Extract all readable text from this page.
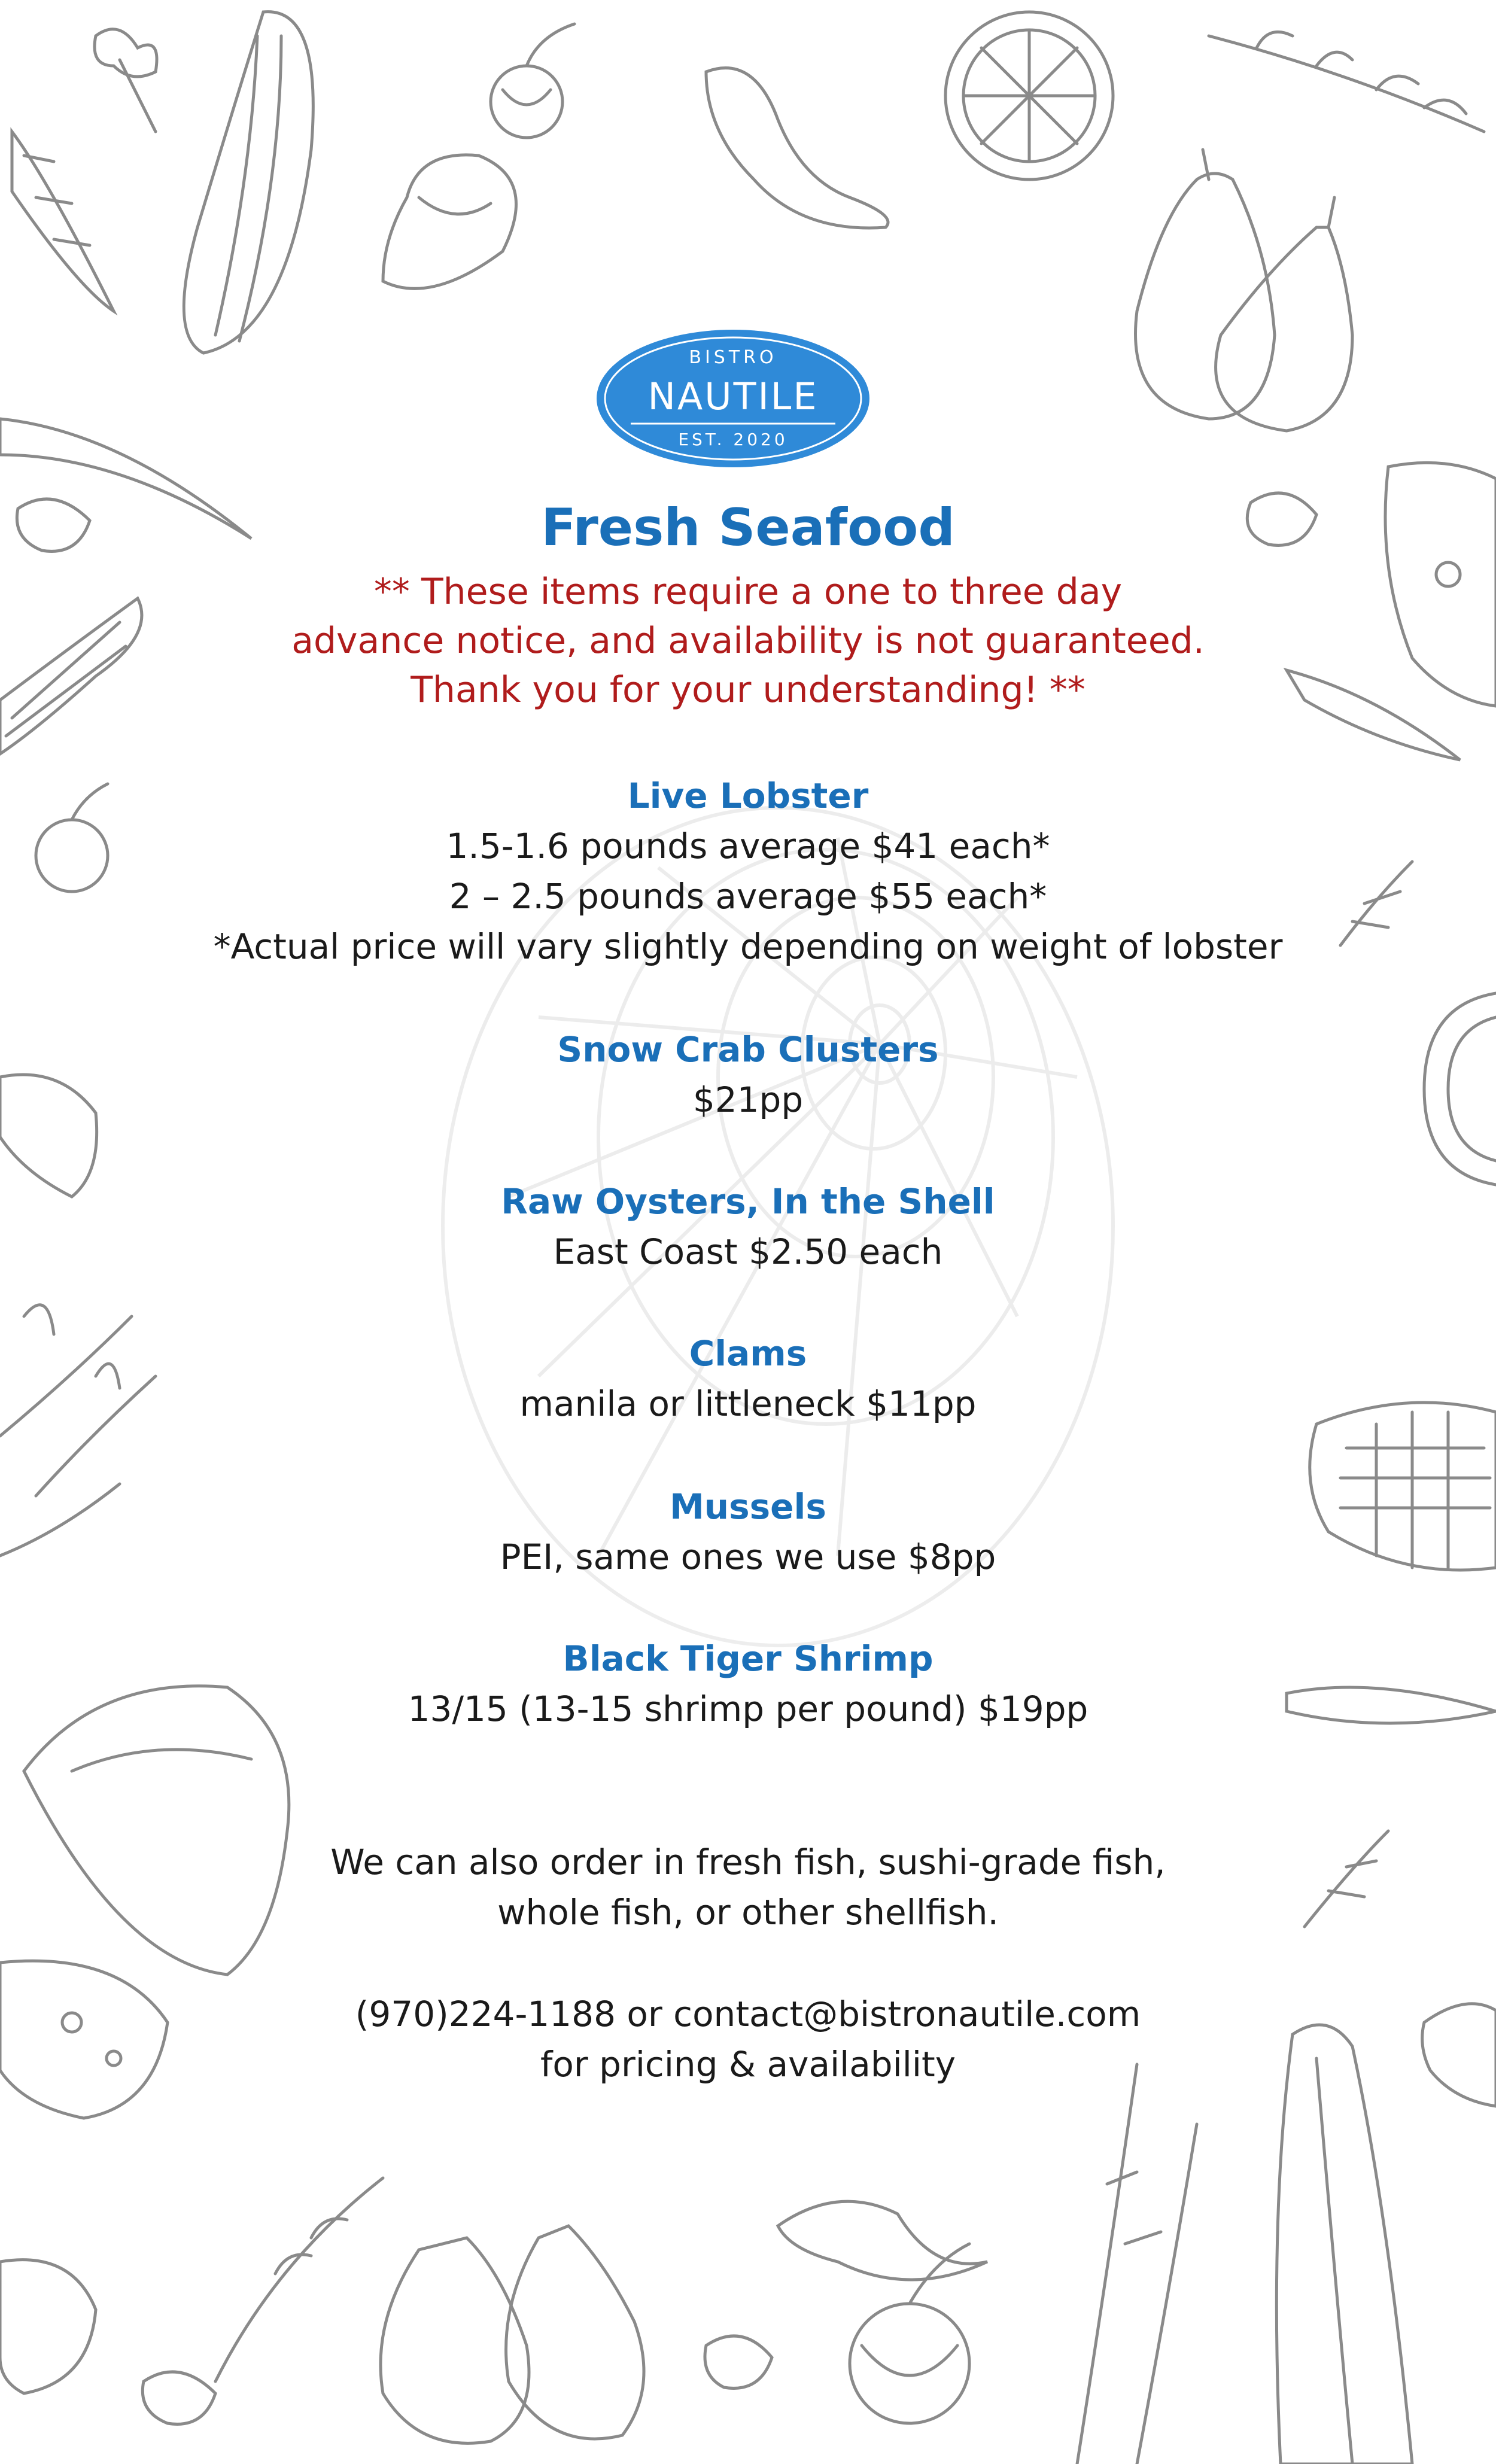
BISTRO
NAUTILE
EST. 2020
Fresh Seafood
** These items require a one to three day
advance notice, and availability is not guaranteed.
Thank you for your understanding! **
Live Lobster
1.5-1.6 pounds average $41 each*
2 – 2.5 pounds average $55 each*
*Actual price will vary slightly depending on weight of lobster
Snow Crab Clusters
$21pp
Raw Oysters, In the Shell
East Coast $2.50 each
Clams
manila or littleneck $11pp
Mussels
PEI, same ones we use $8pp
Black Tiger Shrimp
13/15 (13-15 shrimp per pound) $19pp
We can also order in fresh fish, sushi-grade fish,
whole fish, or other shellfish.
(970)224-1188 or contact@bistronautile.com
for pricing & availability
